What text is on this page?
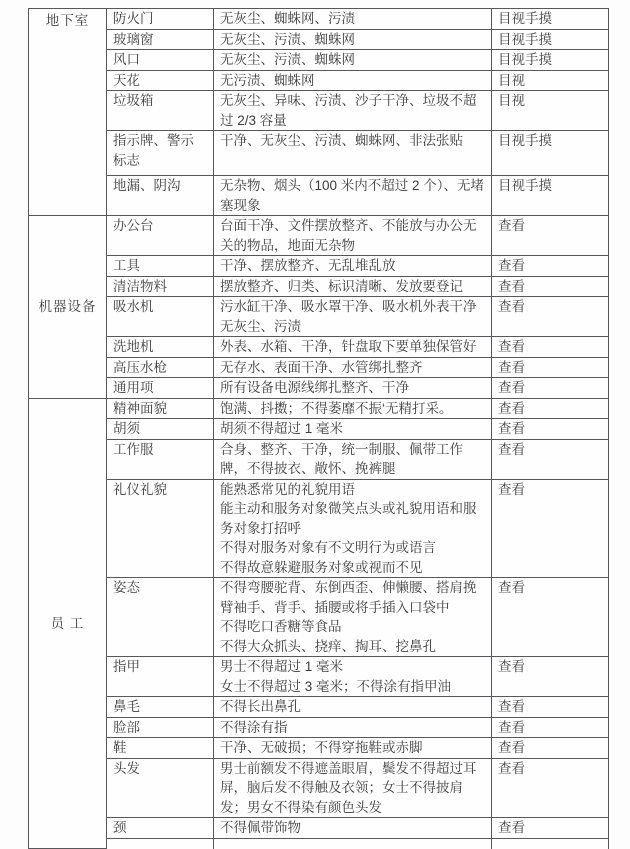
地下室	防火门	无灰尘、蜘蛛网、污渍	目视手摸
	玻璃窗	无灰尘、污渍、蜘蛛网	目视手摸
	风口	无灰尘、污渍、蜘蛛网	目视手摸
	天花	无污渍、蜘蛛网	目视
	垃圾箱	无灰尘、异味、污渍、沙子干净、垃圾不超过 2/3 容量	目视
	指示牌、警示标志	干净、无灰尘、污渍、蜘蛛网、非法张贴	目视手摸
	地漏、阴沟	无杂物、烟头（100 米内不超过 2 个）、无堵塞现象	目视手摸
机器设备	办公台	台面干净、文件摆放整齐、不能放与办公无关的物品，地面无杂物	查看
	工具	干净、摆放整齐、无乱堆乱放	查看
	清洁物料	摆放整齐、归类、标识清晰、发放要登记	查看
	吸水机	污水缸干净、吸水罩干净、吸水机外表干净无灰尘、污渍	查看
	洗地机	外表、水箱、干净，针盘取下要单独保管好	查看
	高压水枪	无存水、表面干净、水管绑扎整齐	查看
	通用项	所有设备电源线绑扎整齐、干净	查看
员 工	精神面貌	饱满、抖擞；不得萎靡不振‘无精打采。	查看
	胡须	胡须不得超过 1 毫米	查看
	工作服	合身、整齐、干净，统一制服、佩带工作牌，不得披衣、敞怀、挽裤腿	查看
	礼仪礼貌	能熟悉常见的礼貌用语
能主动和服务对象微笑点头或礼貌用语和服务对象打招呼
不得对服务对象有不文明行为或语言
不得故意躲避服务对象或视而不见	查看
	姿态	不得弯腰驼背、东倒西歪、伸懒腰、搭肩挽臂袖手、背手、插腰或将手插入口袋中
不得吃口香糖等食品
不得大众抓头、挠痒、掏耳、挖鼻孔	查看
	指甲	男士不得超过 1 毫米
女士不得超过 3 毫米；不得涂有指甲油	查看
	鼻毛	不得长出鼻孔	查看
	脸部	不得涂有指	查看
	鞋	干净、无破损；不得穿拖鞋或赤脚	查看
	头发	男士前额发不得遮盖眼眉，鬓发不得超过耳屏，脑后发不得触及衣领；女士不得披肩发；男女不得染有颜色头发	查看
	颈	不得佩带饰物	查看
